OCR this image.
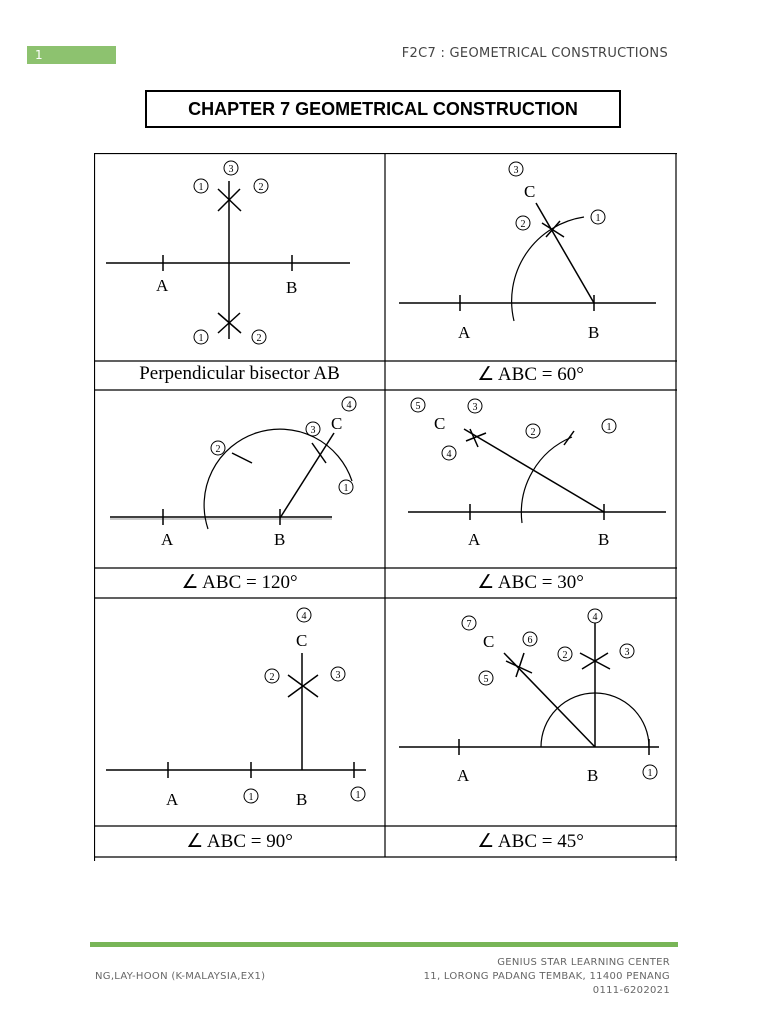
1	F2C7 : GEOMETRICAL CONSTRUCTIONS
CHAPTER 7 GEOMETRICAL CONSTRUCTION
A	B
1	2
3
1	2
C
A	B
1
2
3
C
A	B
1
2
3
4
C
A	B
1
2
3
4
5
C
A	B
1	1
2	3
4
C
A	B	1
2	3
4
5
6
7
Perpendicular bisector AB	∠ ABC = 60°
∠ ABC = 120°	∠ ABC = 30°
∠ ABC = 90°	∠ ABC = 45°
NG,LAY-HOON (K-MALAYSIA,EX1)
GENIUS STAR LEARNING CENTER
11, LORONG PADANG TEMBAK, 11400 PENANG
0111-6202021
